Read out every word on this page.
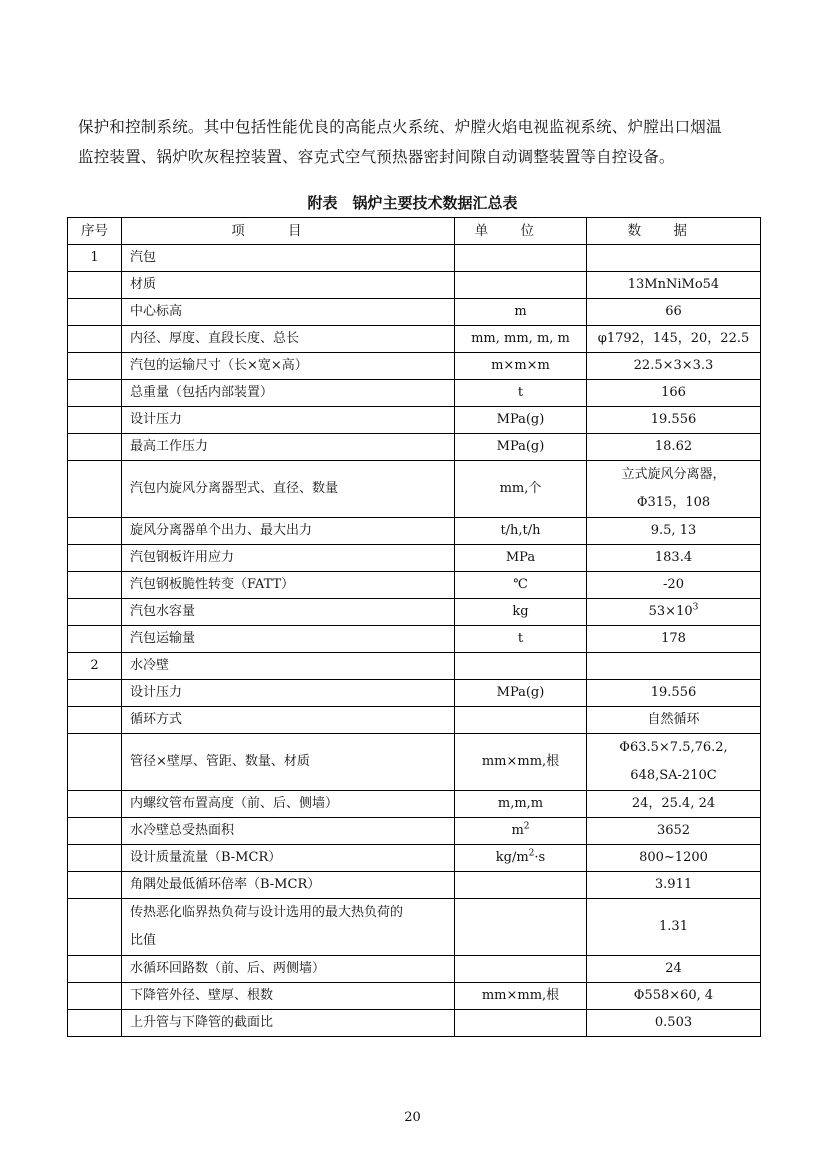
保护和控制系统。其中包括性能优良的高能点火系统、炉膛火焰电视监视系统、炉膛出口烟温

监控装置、锅炉吹灰程控装置、容克式空气预热器密封间隙自动调整装置等自控设备。

附表　锅炉主要技术数据汇总表
序号	项目	单位	数据
1	汽包		
	材质		13MnNiMo54
	中心标高	m	66
	内径、厚度、直段长度、总长	mm, mm, m, m	φ1792，145，20，22.5
	汽包的运输尺寸（长×宽×高）	m×m×m	22.5×3×3.3
	总重量（包括内部装置）	t	166
	设计压力	MPa(g)	19.556
	最高工作压力	MPa(g)	18.62
	汽包内旋风分离器型式、直径、数量	mm,个	立式旋风分离器，
Φ315，108
	旋风分离器单个出力、最大出力	t/h,t/h	9.5, 13
	汽包钢板许用应力	MPa	183.4
	汽包钢板脆性转变（FATT）	℃	-20
	汽包水容量	kg	$53\times 10^3$
	汽包运输量	t	178
2	水冷壁		
	设计压力	MPa(g)	19.556
	循环方式		自然循环
	管径×壁厚、管距、数量、材质	mm×mm,根	Φ63.5×7.5,76.2,
648,SA-210C
	内螺纹管布置高度（前、后、侧墙）	m,m,m	24，25.4, 24
	水冷壁总受热面积	$m^2$	3652
	设计质量流量（B-MCR）	$kg/m^2\cdot s$	800~1200
	角隅处最低循环倍率（B-MCR）		3.911
	传热恶化临界热负荷与设计选用的最大热负荷的
比值		1.31
	水循环回路数（前、后、两侧墙）		24
	下降管外径、壁厚、根数	mm×mm,根	Φ558×60, 4
	上升管与下降管的截面比		0.503
20
